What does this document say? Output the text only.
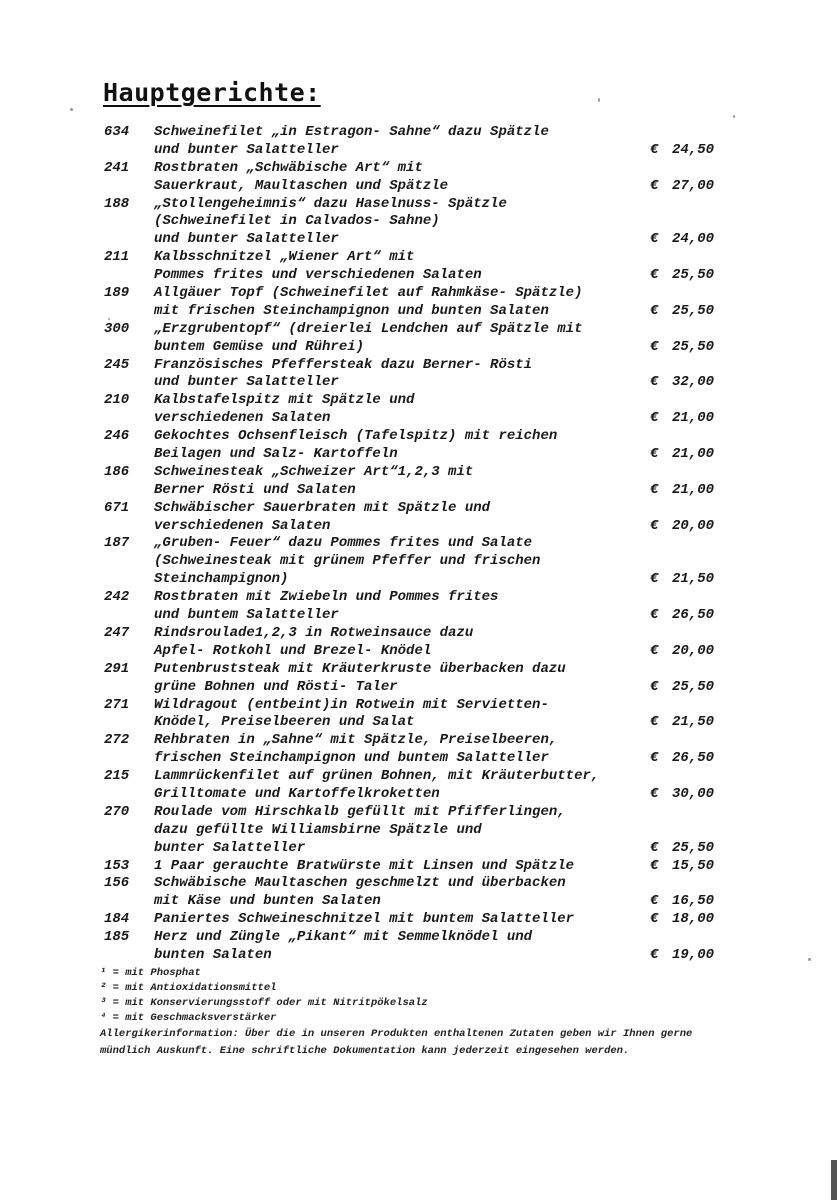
Hauptgerichte:
634	Schweinefilet „in Estragon- Sahne“ dazu Spätzle
und bunter Salatteller	€ 24,50
241	Rostbraten „Schwäbische Art“ mit
Sauerkraut, Maultaschen und Spätzle	€ 27,00
188	„Stollengeheimnis“ dazu Haselnuss- Spätzle
(Schweinefilet in Calvados- Sahne)
und bunter Salatteller	€ 24,00
211	Kalbsschnitzel „Wiener Art“ mit
Pommes frites und verschiedenen Salaten	€ 25,50
189	Allgäuer Topf (Schweinefilet auf Rahmkäse- Spätzle)
mit frischen Steinchampignon und bunten Salaten	€ 25,50
300	„Erzgrubentopf“ (dreierlei Lendchen auf Spätzle mit
buntem Gemüse und Rührei)	€ 25,50
245	Französisches Pfeffersteak dazu Berner- Rösti
und bunter Salatteller	€ 32,00
210	Kalbstafelspitz mit Spätzle und
verschiedenen Salaten	€ 21,00
246	Gekochtes Ochsenfleisch (Tafelspitz) mit reichen
Beilagen und Salz- Kartoffeln	€ 21,00
186	Schweinesteak „Schweizer Art“1,2,3 mit
Berner Rösti und Salaten	€ 21,00
671	Schwäbischer Sauerbraten mit Spätzle und
verschiedenen Salaten	€ 20,00
187	„Gruben- Feuer“ dazu Pommes frites und Salate
(Schweinesteak mit grünem Pfeffer und frischen
Steinchampignon)	€ 21,50
242	Rostbraten mit Zwiebeln und Pommes frites
und buntem Salatteller	€ 26,50
247	Rindsroulade1,2,3 in Rotweinsauce dazu
Apfel- Rotkohl und Brezel- Knödel	€ 20,00
291	Putenbruststeak mit Kräuterkruste überbacken dazu
grüne Bohnen und Rösti- Taler	€ 25,50
271	Wildragout (entbeint)in Rotwein mit Servietten-
Knödel, Preiselbeeren und Salat	€ 21,50
272	Rehbraten in „Sahne“ mit Spätzle, Preiselbeeren,
frischen Steinchampignon und buntem Salatteller	€ 26,50
215	Lammrückenfilet auf grünen Bohnen, mit Kräuterbutter,
Grilltomate und Kartoffelkroketten	€ 30,00
270	Roulade vom Hirschkalb gefüllt mit Pfifferlingen,
dazu gefüllte Williamsbirne Spätzle und
bunter Salatteller	€ 25,50
153	1 Paar gerauchte Bratwürste mit Linsen und Spätzle	€ 15,50
156	Schwäbische Maultaschen geschmelzt und überbacken
mit Käse und bunten Salaten	€ 16,50
184	Paniertes Schweineschnitzel mit buntem Salatteller	€ 18,00
185	Herz und Züngle „Pikant“ mit Semmelknödel und
bunten Salaten	€ 19,00
¹ = mit Phosphat
² = mit Antioxidationsmittel
³ = mit Konservierungsstoff oder mit Nitritpökelsalz
⁴ = mit Geschmacksverstärker
Allergikerinformation: Über die in unseren Produkten enthaltenen Zutaten geben wir Ihnen gerne mündlich Auskunft. Eine schriftliche Dokumentation kann jederzeit eingesehen werden.
